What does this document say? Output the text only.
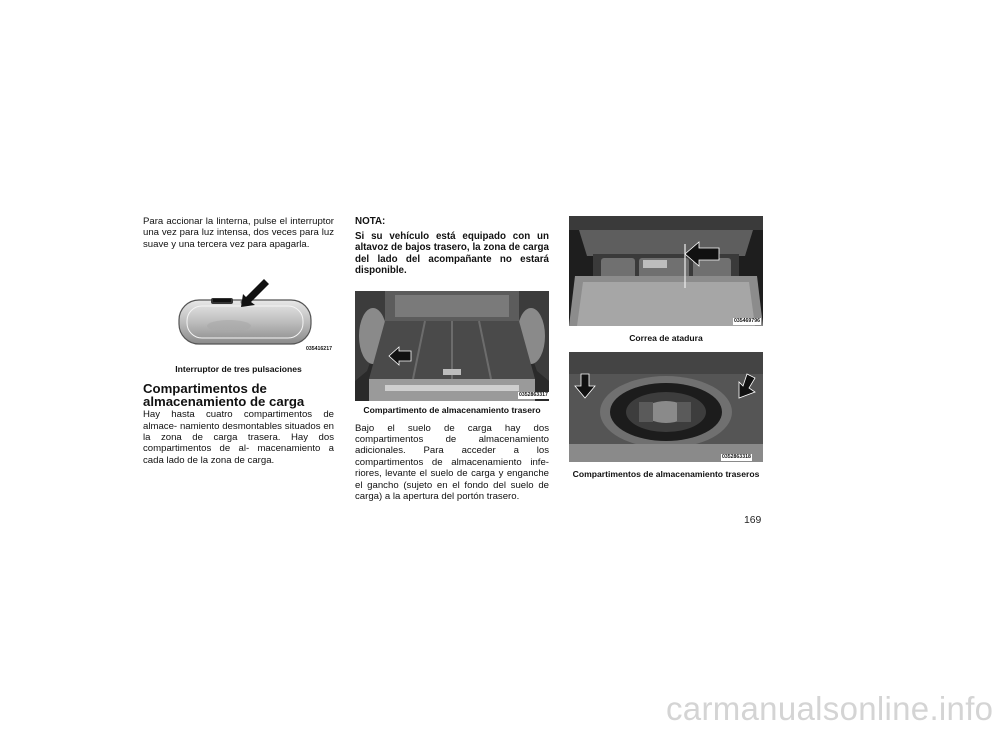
Para accionar la linterna, pulse el interruptor una vez para luz intensa, dos veces para luz suave y una tercera vez para apagarla.

035416217

Interruptor de tres pulsaciones

Compartimentos de almacenamiento de carga

Hay hasta cuatro compartimentos de almace- namiento desmontables situados en la zona de carga trasera. Hay dos compartimentos de al- macenamiento a cada lado de la zona de carga.

NOTA:

Si su vehículo está equipado con un altavoz de bajos trasero, la zona de carga del lado del acompañante no estará disponible.

0352863317

Compartimento de almacenamiento trasero

Bajo el suelo de carga hay dos compartimentos de almacenamiento adicionales. Para acceder a los compartimentos de almacenamiento infe- riores, levante el suelo de carga y enganche el gancho (sujeto en el fondo del suelo de carga) a la apertura del portón trasero.

035469796

Correa de atadura

0352863318

Compartimentos de almacenamiento traseros

169
carmanualsonline.info
